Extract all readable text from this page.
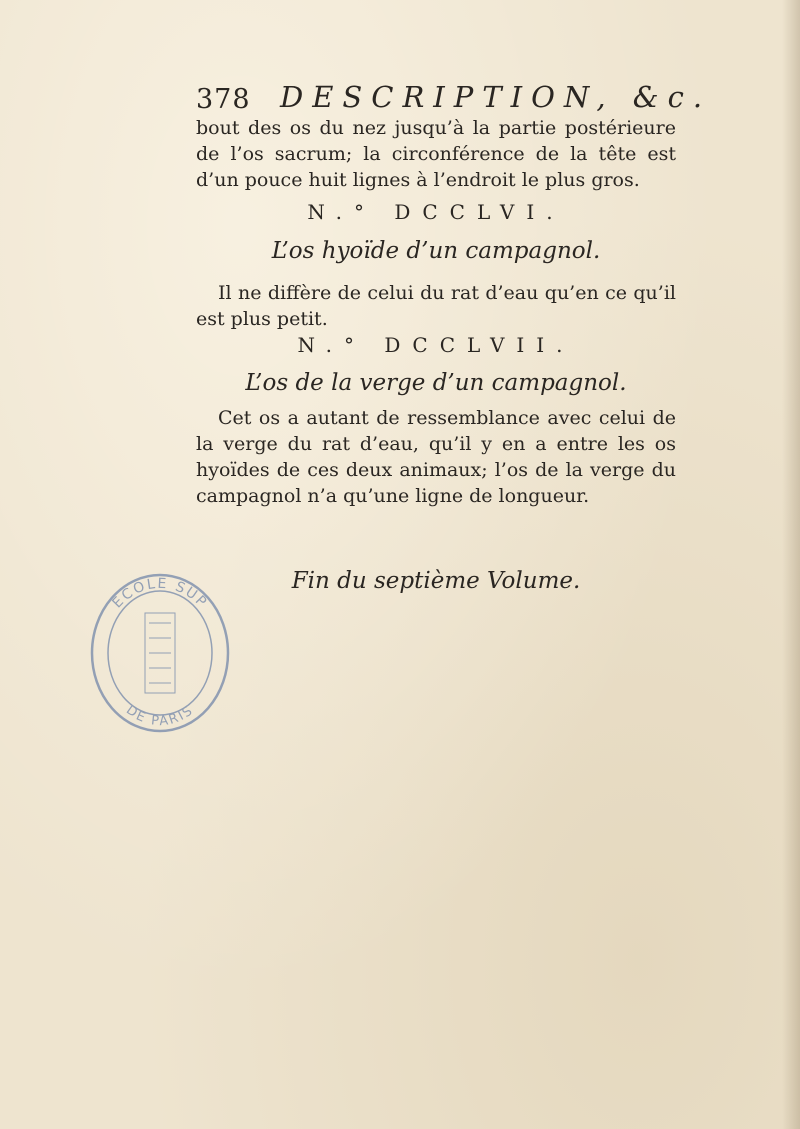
378 DESCRIPTION, &c.

bout des os du nez jusqu’à la partie postérieure de l’os sacrum; la circonférence de la tête est d’un pouce huit lignes à l’endroit le plus gros.

N.° DCCLVI.
L’os hyoïde d’un campagnol.

Il ne diffère de celui du rat d’eau qu’en ce qu’il est plus petit.

N.° DCCLVII.
L’os de la verge d’un campagnol.

Cet os a autant de ressemblance avec celui de la verge du rat d’eau, qu’il y en a entre les os hyoïdes de ces deux animaux; l’os de la verge du campagnol n’a qu’une ligne de longueur.

Fin du septième Volume.
ÉCOLE SUP
DE PARIS
